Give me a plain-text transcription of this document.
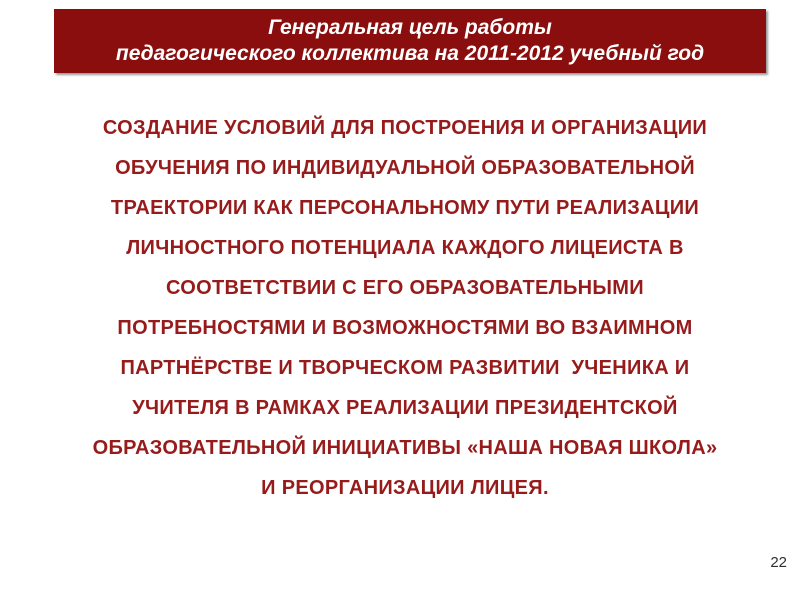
Генеральная цель работы
педагогического коллектива на 2011-2012 учебный год
СОЗДАНИЕ УСЛОВИЙ ДЛЯ ПОСТРОЕНИЯ И ОРГАНИЗАЦИИ
ОБУЧЕНИЯ ПО ИНДИВИДУАЛЬНОЙ ОБРАЗОВАТЕЛЬНОЙ
ТРАЕКТОРИИ КАК ПЕРСОНАЛЬНОМУ ПУТИ РЕАЛИЗАЦИИ
ЛИЧНОСТНОГО ПОТЕНЦИАЛА КАЖДОГО ЛИЦЕИСТА В
СООТВЕТСТВИИ С ЕГО ОБРАЗОВАТЕЛЬНЫМИ
ПОТРЕБНОСТЯМИ И ВОЗМОЖНОСТЯМИ ВО ВЗАИМНОМ
ПАРТНЁРСТВЕ И ТВОРЧЕСКОМ РАЗВИТИИ  УЧЕНИКА И
УЧИТЕЛЯ В РАМКАХ РЕАЛИЗАЦИИ ПРЕЗИДЕНТСКОЙ
ОБРАЗОВАТЕЛЬНОЙ ИНИЦИАТИВЫ «НАША НОВАЯ ШКОЛА»
И РЕОРГАНИЗАЦИИ ЛИЦЕЯ.
22
